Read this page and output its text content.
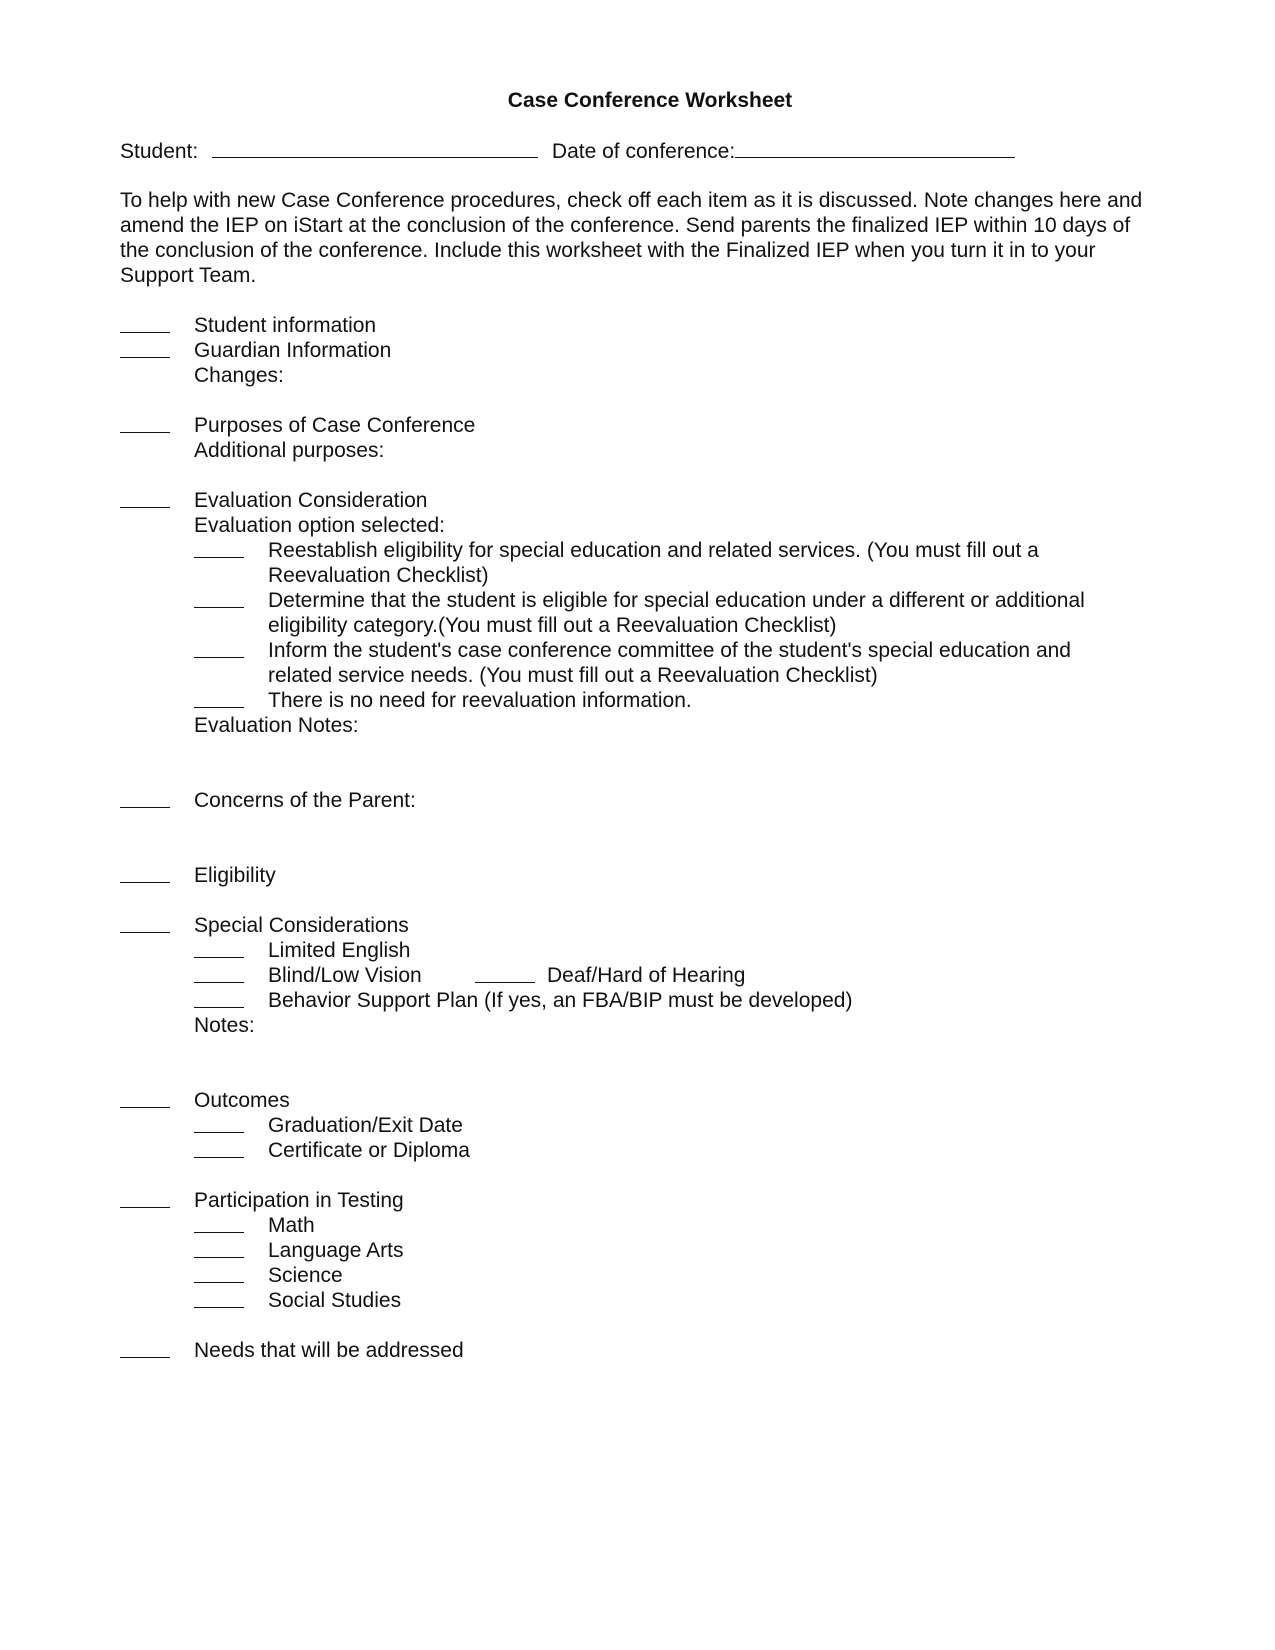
Case Conference Worksheet
Student:	Date of conference:

To help with new Case Conference procedures, check off each item as it is discussed. Note changes here and amend the IEP on iStart at the conclusion of the conference. Send parents the finalized IEP within 10 days of the conclusion of the conference. Include this worksheet with the Finalized IEP when you turn it in to your Support Team.

Student information
Guardian Information
Changes:
Purposes of Case Conference
Additional purposes:
Evaluation Consideration
Evaluation option selected:
Reestablish eligibility for special education and related services. (You must fill out a
Reevaluation Checklist)
Determine that the student is eligible for special education under a different or additional
eligibility category.(You must fill out a Reevaluation Checklist)
Inform the student's case conference committee of the student's special education and
related service needs. (You must fill out a Reevaluation Checklist)
There is no need for reevaluation information.
Evaluation Notes:
Concerns of the Parent:
Eligibility
Special Considerations
Limited English
Blind/Low Vision	Deaf/Hard of Hearing
Behavior Support Plan (If yes, an FBA/BIP must be developed)
Notes:
Outcomes
Graduation/Exit Date
Certificate or Diploma
Participation in Testing
Math
Language Arts
Science
Social Studies
Needs that will be addressed
